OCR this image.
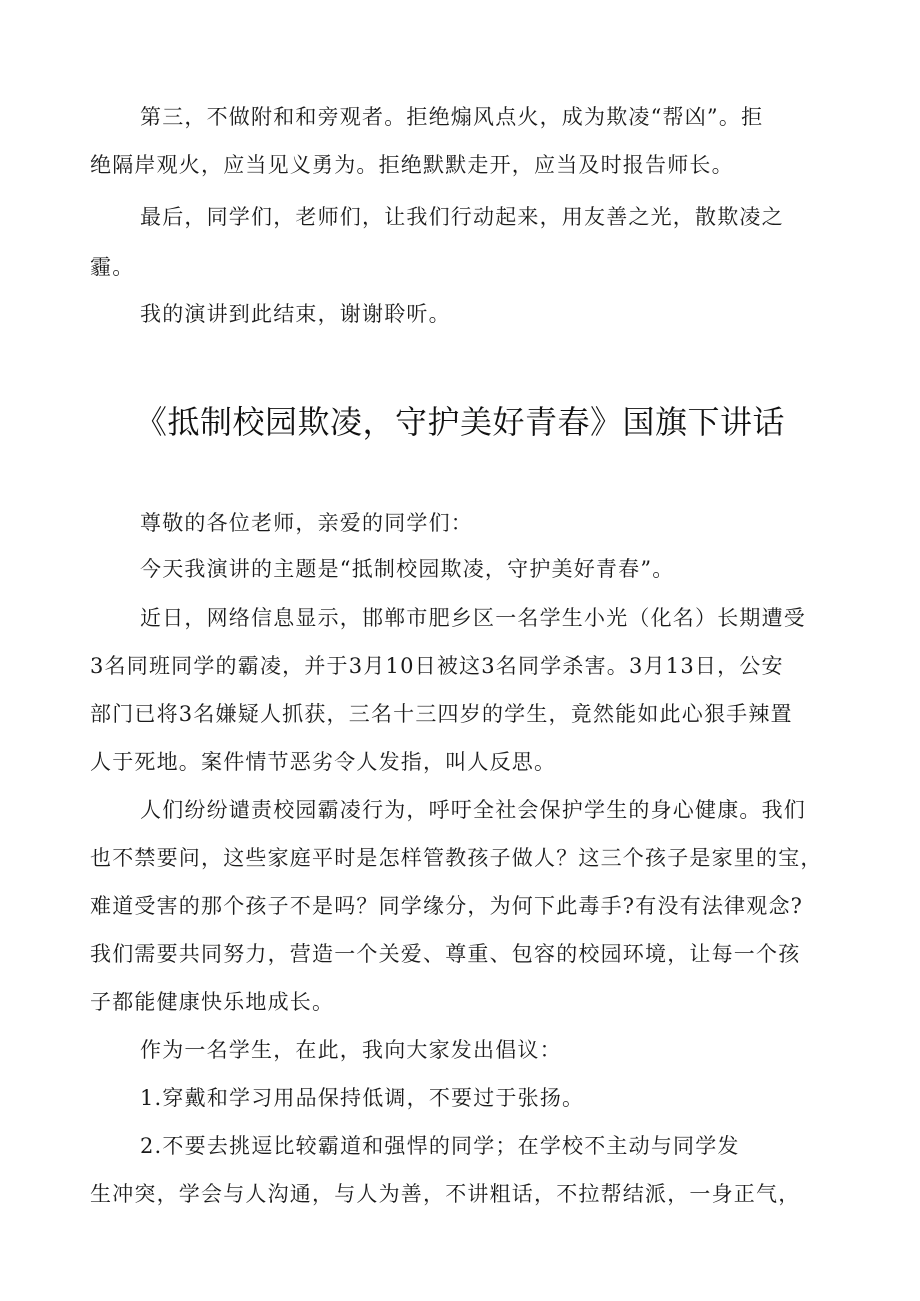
第三，不做附和和旁观者。拒绝煽风点火，成为欺凌“帮凶”。拒
绝隔岸观火，应当见义勇为。拒绝默默走开，应当及时报告师长。
最后，同学们，老师们，让我们行动起来，用友善之光，散欺凌之
霾。
我的演讲到此结束，谢谢聆听。
《抵制校园欺凌，守护美好青春》国旗下讲话
尊敬的各位老师，亲爱的同学们：
今天我演讲的主题是“抵制校园欺凌，守护美好青春”。
近日，网络信息显示，邯郸市肥乡区一名学生小光（化名）长期遭受
3名同班同学的霸凌，并于3月10日被这3名同学杀害。3月13日，公安
部门已将3名嫌疑人抓获，三名十三四岁的学生，竟然能如此心狠手辣置
人于死地。案件情节恶劣令人发指，叫人反思。
人们纷纷谴责校园霸凌行为，呼吁全社会保护学生的身心健康。我们
也不禁要问，这些家庭平时是怎样管教孩子做人？这三个孩子是家里的宝，
难道受害的那个孩子不是吗？同学缘分，为何下此毒手?有没有法律观念?
我们需要共同努力，营造一个关爱、尊重、包容的校园环境，让每一个孩
子都能健康快乐地成长。
作为一名学生，在此，我向大家发出倡议：
1.穿戴和学习用品保持低调，不要过于张扬。
2.不要去挑逗比较霸道和强悍的同学；在学校不主动与同学发
生冲突，学会与人沟通，与人为善，不讲粗话，不拉帮结派，一身正气，
